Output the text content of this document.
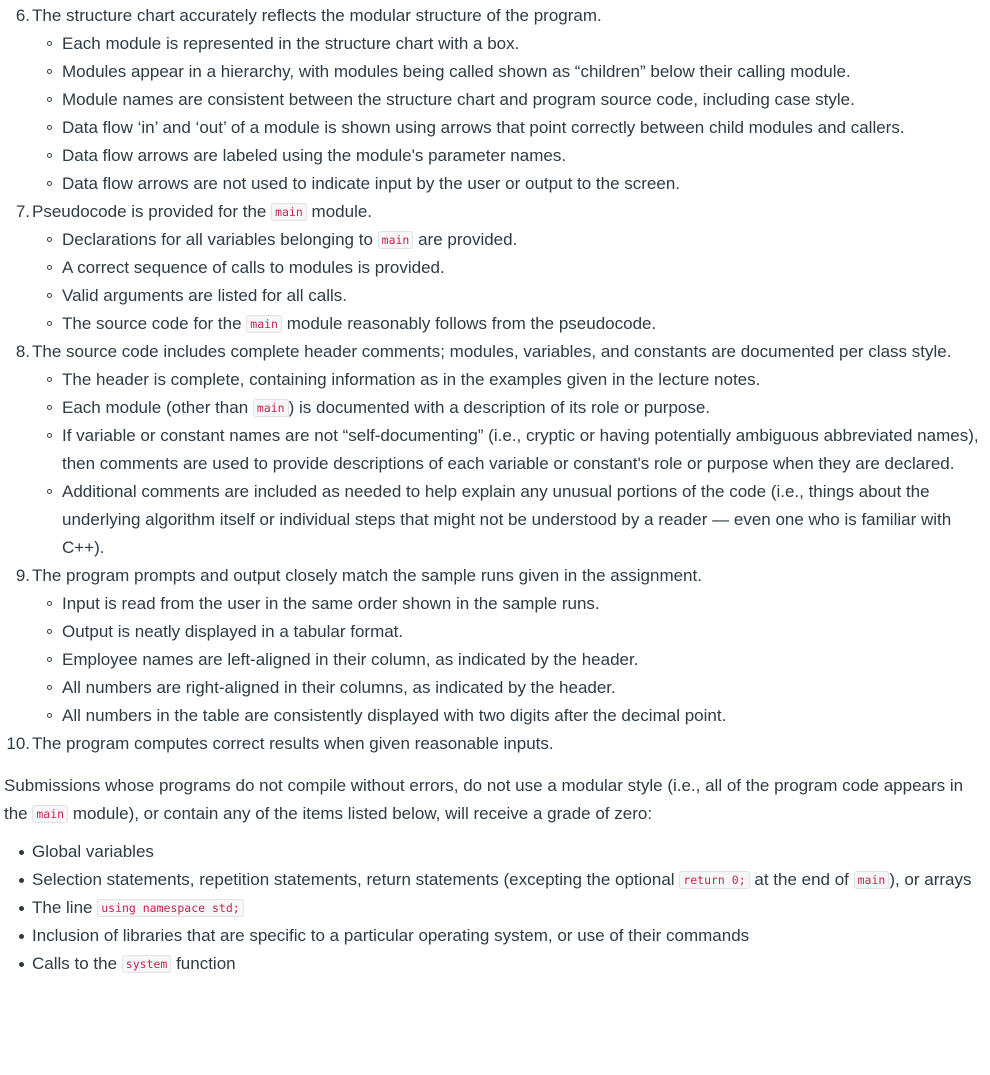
6. The structure chart accurately reflects the modular structure of the program.
Each module is represented in the structure chart with a box.
Modules appear in a hierarchy, with modules being called shown as “children” below their calling module.
Module names are consistent between the structure chart and program source code, including case style.
Data flow ‘in’ and ‘out’ of a module is shown using arrows that point correctly between child modules and callers.
Data flow arrows are labeled using the module's parameter names.
Data flow arrows are not used to indicate input by the user or output to the screen.
7. Pseudocode is provided for the main module.
Declarations for all variables belonging to main are provided.
A correct sequence of calls to modules is provided.
Valid arguments are listed for all calls.
The source code for the main module reasonably follows from the pseudocode.
8. The source code includes complete header comments; modules, variables, and constants are documented per class style.
The header is complete, containing information as in the examples given in the lecture notes.
Each module (other than main ) is documented with a description of its role or purpose.
If variable or constant names are not “self-documenting” (i.e., cryptic or having potentially ambiguous abbreviated names), then comments are used to provide descriptions of each variable or constant's role or purpose when they are declared.
Additional comments are included as needed to help explain any unusual portions of the code (i.e., things about the underlying algorithm itself or individual steps that might not be understood by a reader — even one who is familiar with C++).
9. The program prompts and output closely match the sample runs given in the assignment.
Input is read from the user in the same order shown in the sample runs.
Output is neatly displayed in a tabular format.
Employee names are left-aligned in their column, as indicated by the header.
All numbers are right-aligned in their columns, as indicated by the header.
All numbers in the table are consistently displayed with two digits after the decimal point.
10. The program computes correct results when given reasonable inputs.

Submissions whose programs do not compile without errors, do not use a modular style (i.e., all of the program code appears in the main module), or contain any of the items listed below, will receive a grade of zero:

Global variables
Selection statements, repetition statements, return statements (excepting the optional return 0; at the end of main ), or arrays
The line using namespace std;
Inclusion of libraries that are specific to a particular operating system, or use of their commands
Calls to the system function
